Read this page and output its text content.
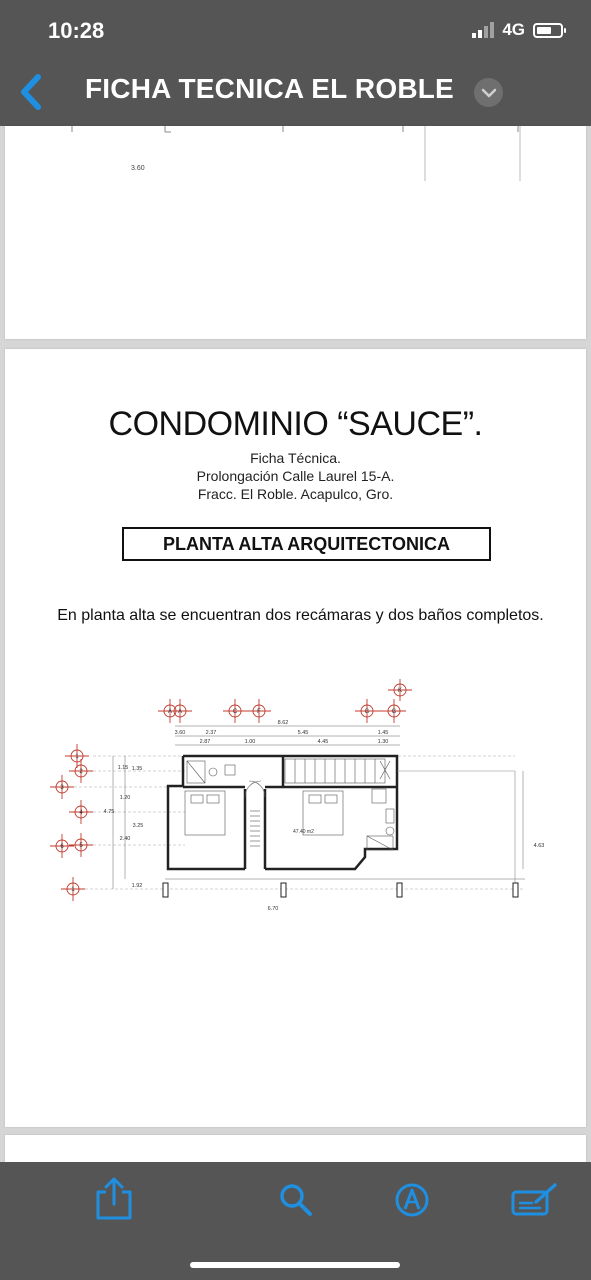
10:28	4G
FICHA TECNICA EL ROBLE
3.60
CONDOMINIO “SAUCE”.
Ficha Técnica.
Prolongación Calle Laurel 15-A.
Fracc. El Roble. Acapulco, Gro.
PLANTA ALTA ARQUITECTONICA
En planta alta se encuentran dos recámaras y dos baños completos.
A A	C	F	G	G
K
1
2
3
4
5
6
1
8.62
3.60	2.37	5.45	1.45
2.87	1.00	4.45	1.30
1.15 1.35
1.20
4.75
3.25
2.40
1.92
4.63
6.70
47.40 m2
